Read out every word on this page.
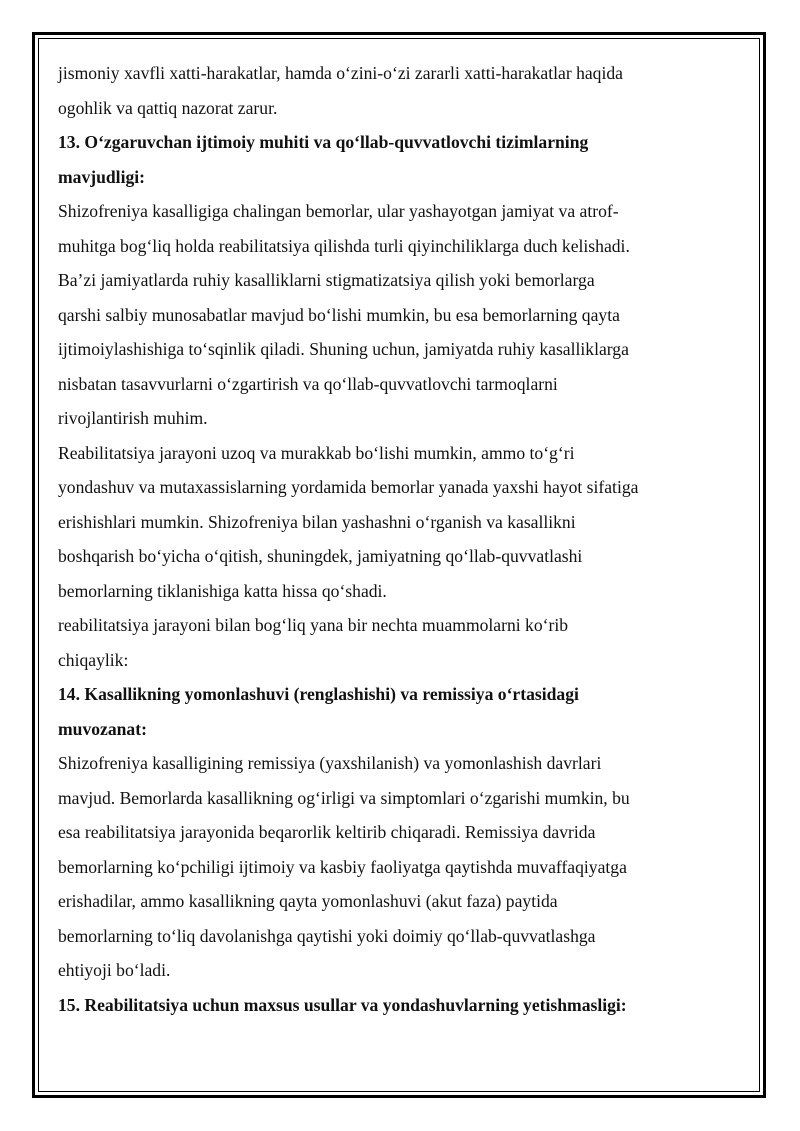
jismoniy xavfli xatti-harakatlar, hamda o‘zini-o‘zi zararli xatti-harakatlar haqida
ogohlik va qattiq nazorat zarur.

13. O‘zgaruvchan ijtimoiy muhiti va qo‘llab-quvvatlovchi tizimlarning
mavjudligi:

Shizofreniya kasalligiga chalingan bemorlar, ular yashayotgan jamiyat va atrof-
muhitga bog‘liq holda reabilitatsiya qilishda turli qiyinchiliklarga duch kelishadi.
Ba’zi jamiyatlarda ruhiy kasalliklarni stigmatizatsiya qilish yoki bemorlarga
qarshi salbiy munosabatlar mavjud bo‘lishi mumkin, bu esa bemorlarning qayta
ijtimoiylashishiga to‘sqinlik qiladi. Shuning uchun, jamiyatda ruhiy kasalliklarga
nisbatan tasavvurlarni o‘zgartirish va qo‘llab-quvvatlovchi tarmoqlarni
rivojlantirish muhim.

Reabilitatsiya jarayoni uzoq va murakkab bo‘lishi mumkin, ammo to‘g‘ri
yondashuv va mutaxassislarning yordamida bemorlar yanada yaxshi hayot sifatiga
erishishlari mumkin. Shizofreniya bilan yashashni o‘rganish va kasallikni
boshqarish bo‘yicha o‘qitish, shuningdek, jamiyatning qo‘llab-quvvatlashi
bemorlarning tiklanishiga katta hissa qo‘shadi.

reabilitatsiya jarayoni bilan bog‘liq yana bir nechta muammolarni ko‘rib
chiqaylik:

14. Kasallikning yomonlashuvi (renglashishi) va remissiya o‘rtasidagi
muvozanat:

Shizofreniya kasalligining remissiya (yaxshilanish) va yomonlashish davrlari
mavjud. Bemorlarda kasallikning og‘irligi va simptomlari o‘zgarishi mumkin, bu
esa reabilitatsiya jarayonida beqarorlik keltirib chiqaradi. Remissiya davrida
bemorlarning ko‘pchiligi ijtimoiy va kasbiy faoliyatga qaytishda muvaffaqiyatga
erishadilar, ammo kasallikning qayta yomonlashuvi (akut faza) paytida
bemorlarning to‘liq davolanishga qaytishi yoki doimiy qo‘llab-quvvatlashga
ehtiyoji bo‘ladi.

15. Reabilitatsiya uchun maxsus usullar va yondashuvlarning yetishmasligi:
